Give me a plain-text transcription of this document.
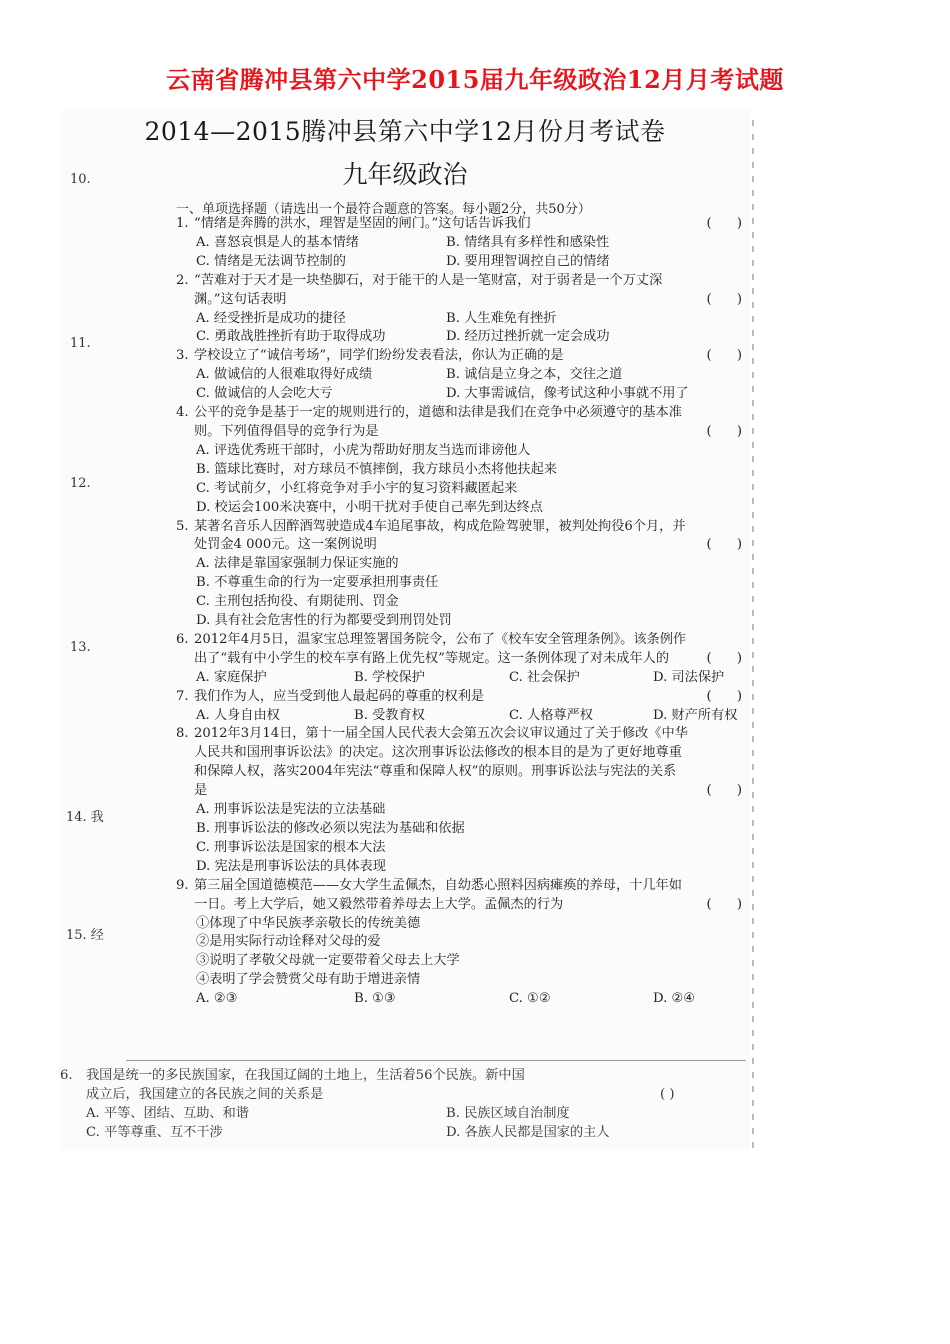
云南省腾冲县第六中学2015届九年级政治12月月考试题
2014—2015腾冲县第六中学12月份月考试卷
九年级政治
10.
11.
12.
13.
14. 我
15. 经
一、单项选择题（请选出一个最符合题意的答案。每小题2分，共50分）
1. “情绪是奔腾的洪水，理智是坚固的闸门。”这句话告诉我们	(      )
A. 喜怒哀惧是人的基本情绪	B. 情绪具有多样性和感染性
C. 情绪是无法调节控制的	D. 要用理智调控自己的情绪
2. “苦难对于天才是一块垫脚石，对于能干的人是一笔财富，对于弱者是一个万丈深渊。”这句话表明	(      )
A. 经受挫折是成功的捷径	B. 人生难免有挫折
C. 勇敢战胜挫折有助于取得成功	D. 经历过挫折就一定会成功
3. 学校设立了“诚信考场”，同学们纷纷发表看法，你认为正确的是	(      )
A. 做诚信的人很难取得好成绩	B. 诚信是立身之本，交往之道
C. 做诚信的人会吃大亏	D. 大事需诚信，像考试这种小事就不用了
4. 公平的竞争是基于一定的规则进行的，道德和法律是我们在竞争中必须遵守的基本准则。下列值得倡导的竞争行为是	(      )
A. 评选优秀班干部时，小虎为帮助好朋友当选而诽谤他人
B. 篮球比赛时，对方球员不慎摔倒，我方球员小杰将他扶起来
C. 考试前夕，小红将竞争对手小宇的复习资料藏匿起来
D. 校运会100米决赛中，小明干扰对手使自己率先到达终点
5. 某著名音乐人因醉酒驾驶造成4车追尾事故，构成危险驾驶罪，被判处拘役6个月，并处罚金4 000元。这一案例说明	(      )
A. 法律是靠国家强制力保证实施的
B. 不尊重生命的行为一定要承担刑事责任
C. 主刑包括拘役、有期徒刑、罚金
D. 具有社会危害性的行为都要受到刑罚处罚
6. 2012年4月5日，温家宝总理签署国务院令，公布了《校车安全管理条例》。该条例作出了“载有中小学生的校车享有路上优先权”等规定。这一条例体现了对未成年人的	(      )
A. 家庭保护	B. 学校保护	C. 社会保护	D. 司法保护
7. 我们作为人，应当受到他人最起码的尊重的权利是	(      )
A. 人身自由权	B. 受教育权	C. 人格尊严权	D. 财产所有权
8. 2012年3月14日，第十一届全国人民代表大会第五次会议审议通过了关于修改《中华人民共和国刑事诉讼法》的决定。这次刑事诉讼法修改的根本目的是为了更好地尊重和保障人权，落实2004年宪法“尊重和保障人权”的原则。刑事诉讼法与宪法的关系是	(      )
A. 刑事诉讼法是宪法的立法基础
B. 刑事诉讼法的修改必须以宪法为基础和依据
C. 刑事诉讼法是国家的根本大法
D. 宪法是刑事诉讼法的具体表现
9. 第三届全国道德模范——女大学生孟佩杰，自幼悉心照料因病瘫痪的养母，十几年如一日。考上大学后，她又毅然带着养母去上大学。孟佩杰的行为	(      )
①体现了中华民族孝亲敬长的传统美德
②是用实际行动诠释对父母的爱
③说明了孝敬父母就一定要带着父母去上大学
④表明了学会赞赏父母有助于增进亲情
A. ②③	B. ①③	C. ①②	D. ②④
6. 我国是统一的多民族国家，在我国辽阔的土地上，生活着56个民族。新中国
成立后，我国建立的各民族之间的关系是	( )
A. 平等、团结、互助、和谐	B. 民族区域自治制度
C. 平等尊重、互不干涉	D. 各族人民都是国家的主人
